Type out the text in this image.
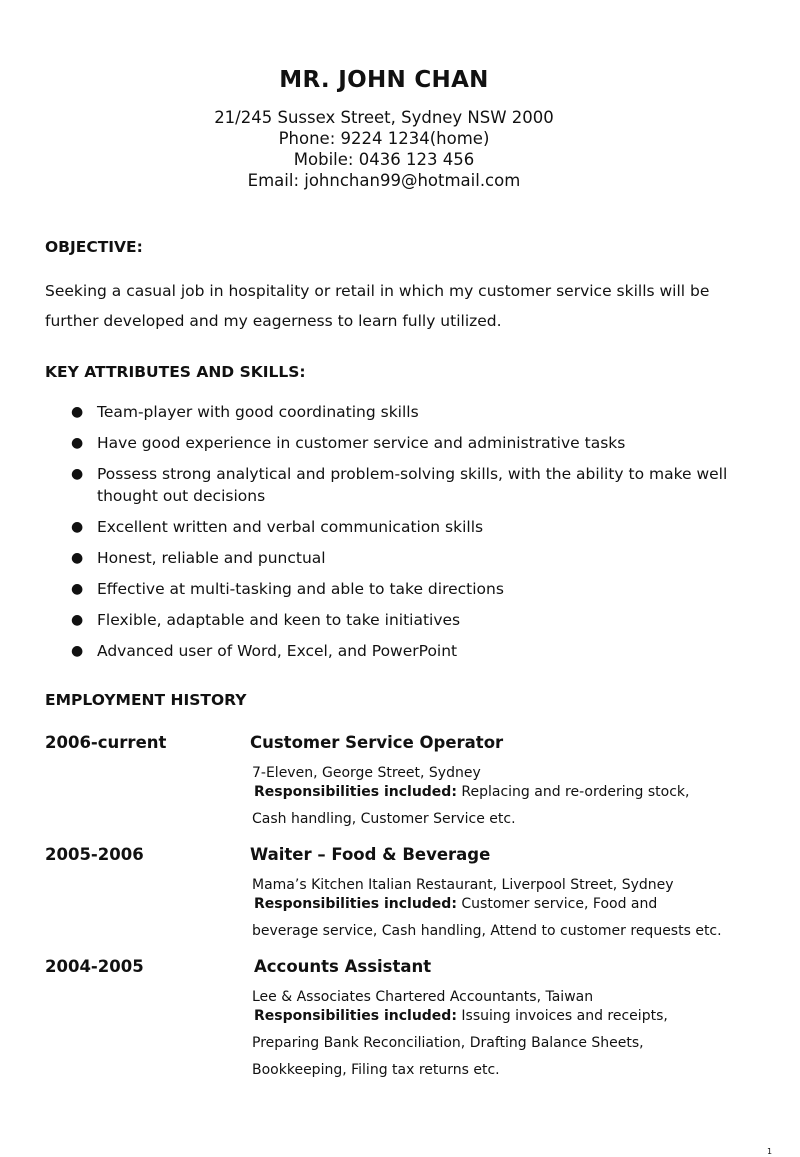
MR. JOHN CHAN
21/245 Sussex Street, Sydney NSW 2000
Phone: 9224 1234(home)
Mobile: 0436 123 456
Email: johnchan99@hotmail.com
OBJECTIVE:
Seeking a casual job in hospitality or retail in which my customer service skills will be further developed and my eagerness to learn fully utilized.
KEY ATTRIBUTES AND SKILLS:
● Team-player with good coordinating skills
● Have good experience in customer service and administrative tasks
● Possess strong analytical and problem-solving skills, with the ability to make well thought out decisions
● Excellent written and verbal communication skills
● Honest, reliable and punctual
● Effective at multi-tasking and able to take directions
● Flexible, adaptable and keen to take initiatives
● Advanced user of Word, Excel, and PowerPoint
EMPLOYMENT HISTORY
2006-current	Customer Service Operator
7-Eleven, George Street, Sydney
Responsibilities included: Replacing and re-ordering stock, Cash handling, Customer Service etc.
2005-2006	Waiter – Food & Beverage
Mama’s Kitchen Italian Restaurant, Liverpool Street, Sydney
Responsibilities included: Customer service, Food and beverage service, Cash handling, Attend to customer requests etc.
2004-2005	Accounts Assistant
Lee & Associates Chartered Accountants, Taiwan
Responsibilities included: Issuing invoices and receipts, Preparing Bank Reconciliation, Drafting Balance Sheets, Bookkeeping, Filing tax returns etc.
1
